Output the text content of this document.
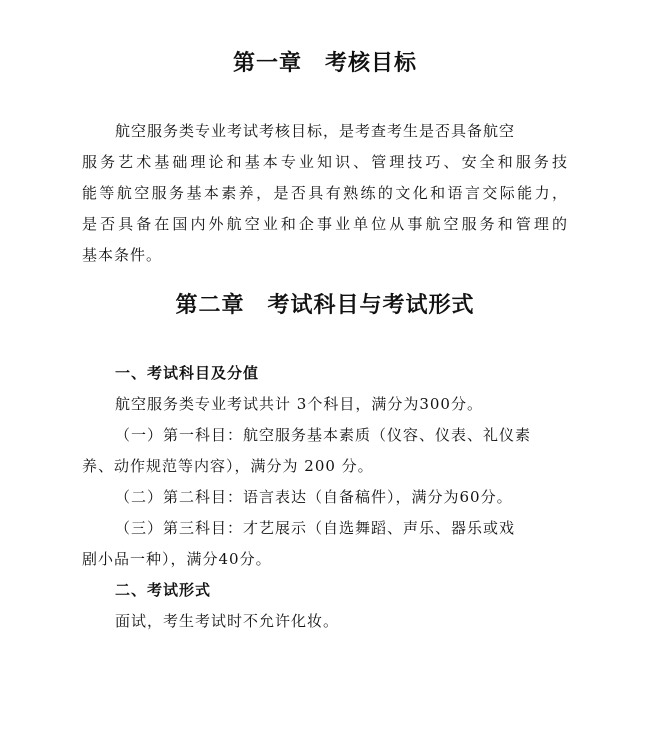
第一章　考核目标
航空服务类专业考试考核目标，是考查考生是否具备航空
服务艺术基础理论和基本专业知识、管理技巧、安全和服务技
能等航空服务基本素养，是否具有熟练的文化和语言交际能力，
是否具备在国内外航空业和企事业单位从事航空服务和管理的
基本条件。
第二章　考试科目与考试形式
一、考试科目及分值
航空服务类专业考试共计 3个科目，满分为300分。
（一）第一科目：航空服务基本素质（仪容、仪表、礼仪素
养、动作规范等内容），满分为 200 分。
（二）第二科目：语言表达（自备稿件），满分为60分。
（三）第三科目：才艺展示（自选舞蹈、声乐、器乐或戏
剧小品一种），满分40分。
二、考试形式
面试，考生考试时不允许化妆。
